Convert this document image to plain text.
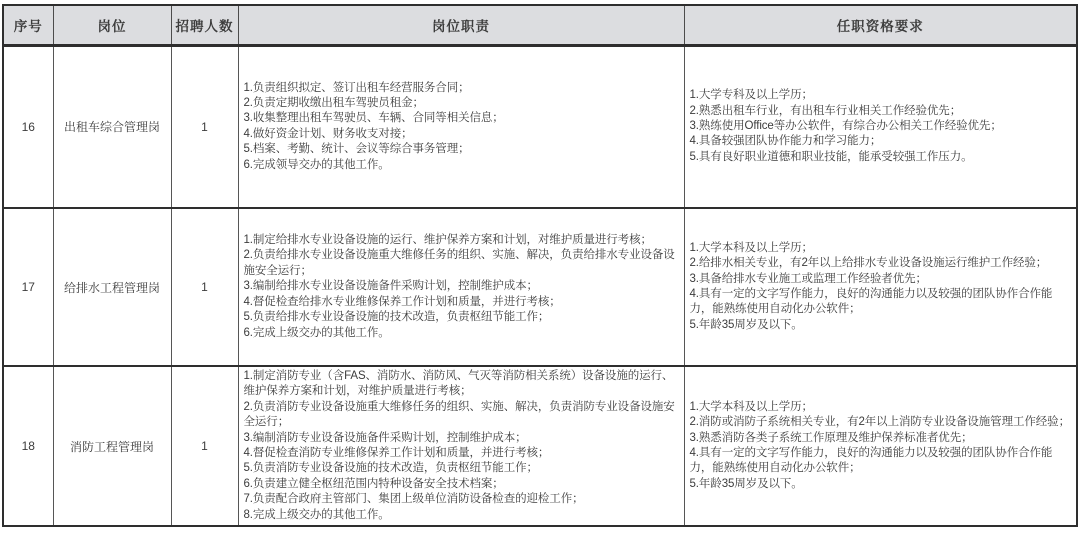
序号	岗位	招聘人数	岗位职责	任职资格要求
16	出租车综合管理岗	1	
1.负责组织拟定、签订出租车经营服务合同；
2.负责定期收缴出租车驾驶员租金；
3.收集整理出租车驾驶员、车辆、合同等相关信息；
4.做好资金计划、财务收支对接；
5.档案、考勤、统计、会议等综合事务管理；
6.完成领导交办的其他工作。

1.大学专科及以上学历；
2.熟悉出租车行业，有出租车行业相关工作经验优先；
3.熟练使用Office等办公软件，有综合办公相关工作经验优先；
4.具备较强团队协作能力和学习能力；
5.具有良好职业道德和职业技能，能承受较强工作压力。

17	给排水工程管理岗	1	
1.制定给排水专业设备设施的运行、维护保养方案和计划，对维护质量进行考核；
2.负责给排水专业设备设施重大维修任务的组织、实施、解决，负责给排水专业设备设施安全运行；
3.编制给排水专业设备设施备件采购计划，控制维护成本；
4.督促检查给排水专业维修保养工作计划和质量，并进行考核；
5.负责给排水专业设备设施的技术改造，负责枢纽节能工作；
6.完成上级交办的其他工作。

1.大学本科及以上学历；
2.给排水相关专业，有2年以上给排水专业设备设施运行维护工作经验；
3.具备给排水专业施工或监理工作经验者优先；
4.具有一定的文字写作能力，良好的沟通能力以及较强的团队协作合作能力，能熟练使用自动化办公软件；
5.年龄35周岁及以下。

18	消防工程管理岗	1	
1.制定消防专业（含FAS、消防水、消防风、气灭等消防相关系统）设备设施的运行、维护保养方案和计划，对维护质量进行考核；
2.负责消防专业设备设施重大维修任务的组织、实施、解决，负责消防专业设备设施安全运行；
3.编制消防专业设备设施备件采购计划，控制维护成本；
4.督促检查消防专业维修保养工作计划和质量，并进行考核；
5.负责消防专业设备设施的技术改造，负责枢纽节能工作；
6.负责建立健全枢纽范围内特种设备安全技术档案；
7.负责配合政府主管部门、集团上级单位消防设备检查的迎检工作；
8.完成上级交办的其他工作。

1.大学本科及以上学历；
2.消防或消防子系统相关专业，有2年以上消防专业设备设施管理工作经验；
3.熟悉消防各类子系统工作原理及维护保养标准者优先；
4.具有一定的文字写作能力，良好的沟通能力以及较强的团队协作合作能力，能熟练使用自动化办公软件；
5.年龄35周岁及以下。
